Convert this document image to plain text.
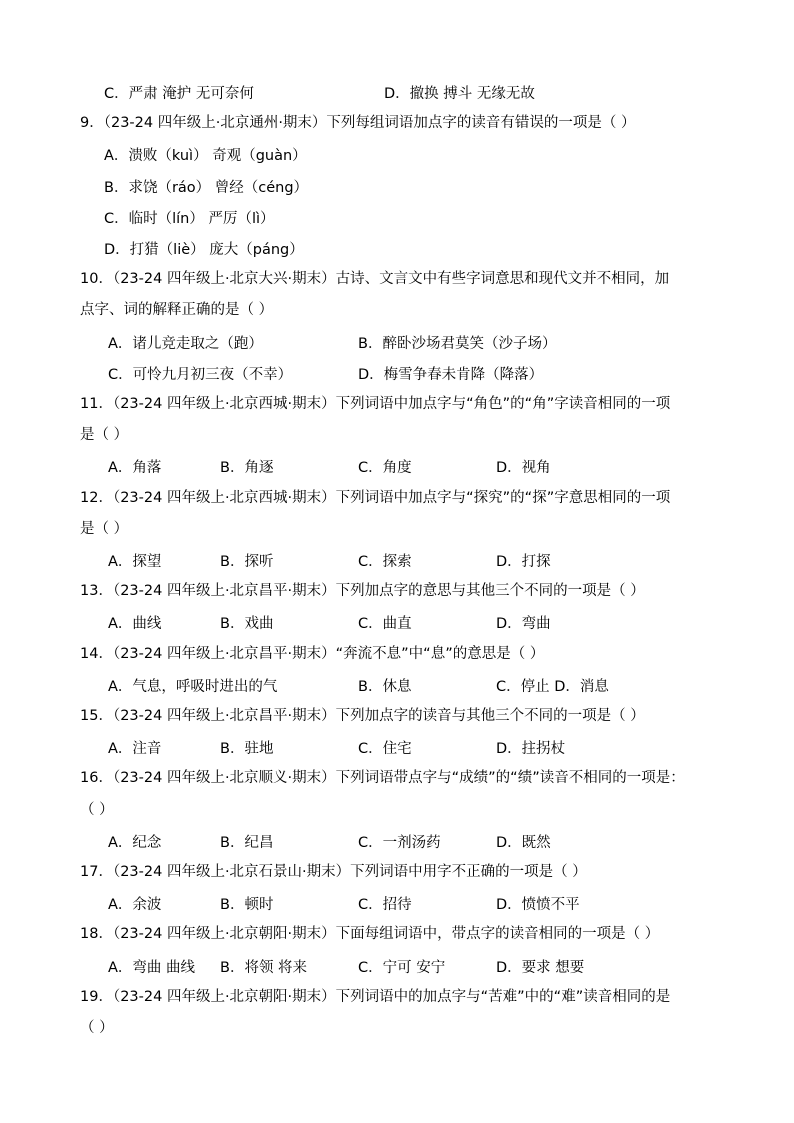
C．严肃 淹护 无可奈何	D．撤换 搏斗 无缘无故
9．（23-24 四年级上·北京通州·期末）下列每组词语加点字的读音有错误的一项是（ ）
A．溃败（kuì） 奇观（guàn）
B．求饶（ráo） 曾经（céng）
C．临时（lín） 严厉（lì）
D．打猎（liè） 庞大（páng）
10．（23-24 四年级上·北京大兴·期末）古诗、文言文中有些字词意思和现代文并不相同，加
点字、词的解释正确的是（ ）
A．诸儿竞走取之（跑）	B．醉卧沙场君莫笑（沙子场）
C．可怜九月初三夜（不幸）	D．梅雪争春未肯降（降落）
11．（23-24 四年级上·北京西城·期末）下列词语中加点字与“角色”的“角”字读音相同的一项
是（ ）
A．角落	B．角逐	C．角度	D．视角
12．（23-24 四年级上·北京西城·期末）下列词语中加点字与“探究”的“探”字意思相同的一项
是（ ）
A．探望	B．探听	C．探索	D．打探
13．（23-24 四年级上·北京昌平·期末）下列加点字的意思与其他三个不同的一项是（ ）
A．曲线	B．戏曲	C．曲直	D．弯曲
14．（23-24 四年级上·北京昌平·期末）“奔流不息”中“息”的意思是（ ）
A．气息，呼吸时进出的气	B．休息	C．停止 D．消息
15．（23-24 四年级上·北京昌平·期末）下列加点字的读音与其他三个不同的一项是（ ）
A．注音	B．驻地	C．住宅	D．拄拐杖
16．（23-24 四年级上·北京顺义·期末）下列词语带点字与“成绩”的“绩”读音不相同的一项是：
（ ）
A．纪念	B．纪昌	C．一剂汤药	D．既然
17．（23-24 四年级上·北京石景山·期末）下列词语中用字不正确的一项是（ ）
A．余波	B．顿时	C．招待	D．愤愤不平
18．（23-24 四年级上·北京朝阳·期末）下面每组词语中，带点字的读音相同的一项是（ ）
A．弯曲 曲线 B．将领 将来	C．宁可 安宁	D．要求 想要
19．（23-24 四年级上·北京朝阳·期末）下列词语中的加点字与“苦难”中的“难”读音相同的是
（ ）
